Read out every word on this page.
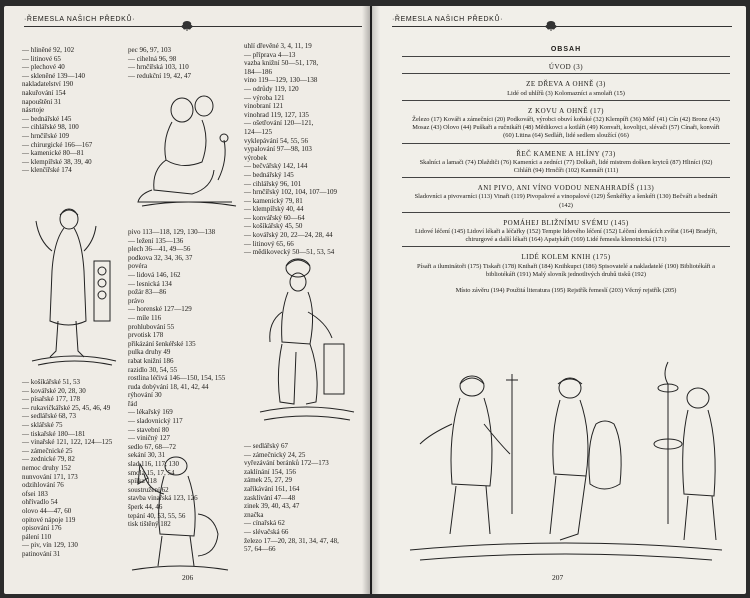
·ŘEMESLA NAŠICH PŘEDKŮ·
— hliněné 92, 102
— litinové 65
— plechové 40
— skleněné 139—140
nakladatelství 190
nakuřování 154
napouštění 31
násrtoje
— bednářské 145
— cihlářské 98, 100
— hrnčířské 109
— chirurgické 166—167
— kamenické 80—81
— klempířské 38, 39, 40
— klenčířské 174
— košíkářské 51, 53
— kovářské 20, 28, 30
— písařské 177, 178
— rukavičkářské 25, 45, 46, 49
— sedlářské 68, 73
— sklářské 75
— tiskařské 180—181
— vinařské 121, 122, 124—125
— zámečnické 25
— zednické 79, 82
nemoc druhy 152
nunvování 171, 173
odzihlování 76
ofsei 183
ohřívadlo 54
olovo 44—47, 60
opitové nápoje 119
opisování 176
pálení 110
— piv, vín 129, 130
patinování 31
pec 96, 97, 103
— cihelná 96, 98
— hrnčířská 103, 110
— redukční 19, 42, 47
pivo 113—118, 129, 130—138
— ležení 135—136
plech 36—41, 49—56
podkova 32, 34, 36, 37
povéra
— lidová 146, 162
— lesnická 134
požár 83—86
právo
— horenské 127—129
— míle 116
prohlubování 55
prvotisk 178
přikázání šenkéřské 135
pulka druhy 49
rabat knižní 186
razidlo 30, 54, 55
rostlina léčivá 146—150, 154, 155
ruda dobývání 18, 41, 42, 44
rýhování 30
řád
— lékařský 169
— sladovnický 117
— stavební 80
— viničný 127
sedlo 67, 68—72
sekání 30, 31
slad 116, 117, 130
smola 15, 17, 54
spílka 118
soustružení 62
stavba vinařská 123, 126
šperk 44, 46
tepání 40, 53, 55, 56
tisk tištěný 182
uhlí dřevěné 3, 4, 11, 19
— příprava 4—13
vazba knižní 50—51, 178,
184—186
vino 119—129, 130—138
— odrůdy 119, 120
— výroba 121
vinobraní 121
vinohrad 119, 127, 135
— ošetřování 120—121,
124—125
vyklepávání 54, 55, 56
vypalování 97—98, 103
výrobek
— bečvářský 142, 144
— bednářský 145
— cihlářský 96, 101
— hrnčířský 102, 104, 107—109
— kamenický 79, 81
— klempířský 40, 44
— konvářský 60—64
— košíkářský 45, 50
— kovářský 20, 22—24, 28, 44
— litinový 65, 66
— mědikovecký 50—51, 53, 54
— sedlářský 67
— zámečnický 24, 25
vyřezávání beránků 172—173
zaklínání 154, 156
zámek 25, 27, 29
zaříkávání 161, 164
zasklívání 47—48
zinek 39, 40, 43, 47
značka
— cínařská 62
— slévačská 66
železo 17—20, 28, 31, 34, 47, 48,
57, 64—66
206
·ŘEMESLA NAŠICH PŘEDKŮ·
OBSAH
ÚVOD (3)
ZE DŘEVA A OHNĚ (3)
Lidé od uhlířů (3) Kolomazníci a smolaři (15)
Z KOVU A OHNĚ (17)
Železo (17) Kováři a zámečníci (20) Podkováři, výrobci obuví koňské (32) Klempíři (36) Měď (41) Cín (42) Bronz (43) Mosaz (43) Olovo (44) Puškaři a ručnikáři (48) Mědikovci a kotláři (49) Konvaři, kovolijci, slévači (57) Cínaři, konváři (60) Litina (64) Sedláři, lidé sedlem sloužící (66)
ŘEČ KAMENE A HLÍNY (73)
Skalníci a lamači (74) Dlaždiči (76) Kameníci a zedníci (77) Dolkaři, lidé mistrem došken krytců (87) Hliníci (92) Cihláři (94) Hrnčíři (102) Kamnáři (111)
ANI PIVO, ANI VÍNO VODOU NENAHRADÍŠ (113)
Sladovníci a pivovarníci (113) Vinaři (119) Pivopalové a vinopalové (129) Šenkéřky a šenkéři (130) Bečváři a bednáři (142)
POMÁHEJ BLIŽNÍMU SVÉMU (145)
Lidové léčení (145) Lidoví lékaři a léčařky (152) Tempie lidového léčení (152) Léčení domácích zvířat (164) Bradýři, chirurgové a další lékaři (164) Apatykáři (169) Lidé řemesla klenotnická (171)
LIDÉ KOLEM KNIH (175)
Písaři a iluminátoři (175) Tiskaři (178) Knihaři (184) Knihkupci (186) Spisovatelé a nakladatelé (190) Bibliotékáři a bibliotékáři (191) Malý slovník jednotlivých druhů tisků (192)
Místo závěru (194) Použitá literatura (195) Rejstřík řemeslí (203) Věcný rejstřík (205)
207
